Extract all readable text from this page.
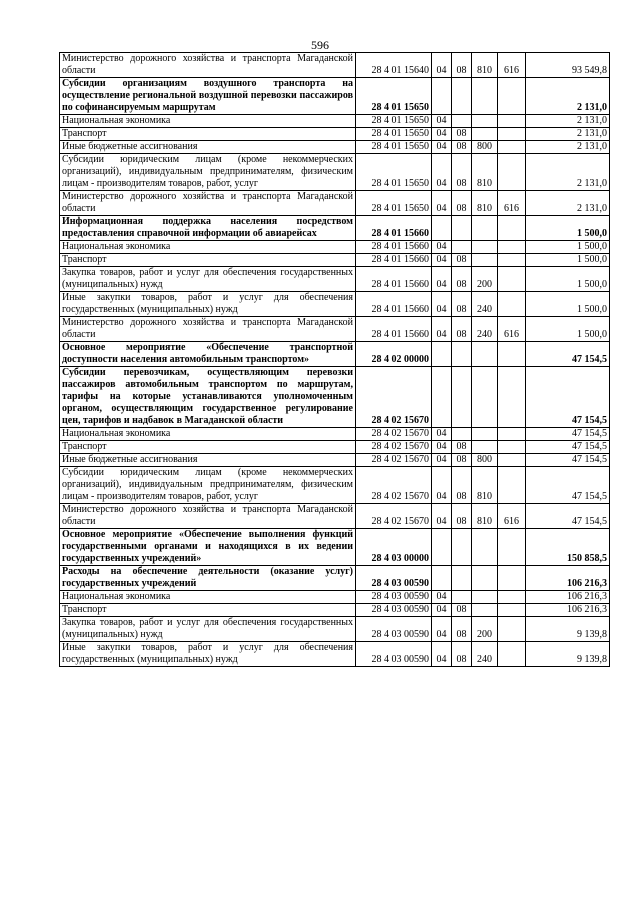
596
Министерство дорожного хозяйства и транспорта Магаданской области	28 4 01 15640	04	08	810	616	93 549,8
Субсидии организациям воздушного транспорта на осуществление региональной воздушной перевозки пассажиров по софинансируемым маршрутам	28 4 01 15650					2 131,0
Национальная экономика	28 4 01 15650	04				2 131,0
Транспорт	28 4 01 15650	04	08			2 131,0
Иные бюджетные ассигнования	28 4 01 15650	04	08	800		2 131,0
Субсидии юридическим лицам (кроме некоммерческих организаций), индивидуальным предпринимателям, физическим лицам - производителям товаров, работ, услуг	28 4 01 15650	04	08	810		2 131,0
Министерство дорожного хозяйства и транспорта Магаданской области	28 4 01 15650	04	08	810	616	2 131,0
Информационная поддержка населения посредством предоставления справочной информации об авиарейсах	28 4 01 15660					1 500,0
Национальная экономика	28 4 01 15660	04				1 500,0
Транспорт	28 4 01 15660	04	08			1 500,0
Закупка товаров, работ и услуг для обеспечения государственных (муниципальных) нужд	28 4 01 15660	04	08	200		1 500,0
Иные закупки товаров, работ и услуг для обеспечения государственных (муниципальных) нужд	28 4 01 15660	04	08	240		1 500,0
Министерство дорожного хозяйства и транспорта Магаданской области	28 4 01 15660	04	08	240	616	1 500,0
Основное мероприятие «Обеспечение транспортной доступности населения автомобильным транспортом»	28 4 02 00000					47 154,5
Субсидии перевозчикам, осуществляющим перевозки пассажиров автомобильным транспортом по маршрутам, тарифы на которые устанавливаются уполномоченным органом, осуществляющим государственное регулирование цен, тарифов и надбавок в Магаданской области	28 4 02 15670					47 154,5
Национальная экономика	28 4 02 15670	04				47 154,5
Транспорт	28 4 02 15670	04	08			47 154,5
Иные бюджетные ассигнования	28 4 02 15670	04	08	800		47 154,5
Субсидии юридическим лицам (кроме некоммерческих организаций), индивидуальным предпринимателям, физическим лицам - производителям товаров, работ, услуг	28 4 02 15670	04	08	810		47 154,5
Министерство дорожного хозяйства и транспорта Магаданской области	28 4 02 15670	04	08	810	616	47 154,5
Основное мероприятие «Обеспечение выполнения функций государственными органами и находящихся в их ведении государственных учреждений»	28 4 03 00000					150 858,5
Расходы на обеспечение деятельности (оказание услуг) государственных учреждений	28 4 03 00590					106 216,3
Национальная экономика	28 4 03 00590	04				106 216,3
Транспорт	28 4 03 00590	04	08			106 216,3
Закупка товаров, работ и услуг для обеспечения государственных (муниципальных) нужд	28 4 03 00590	04	08	200		9 139,8
Иные закупки товаров, работ и услуг для обеспечения государственных (муниципальных) нужд	28 4 03 00590	04	08	240		9 139,8
